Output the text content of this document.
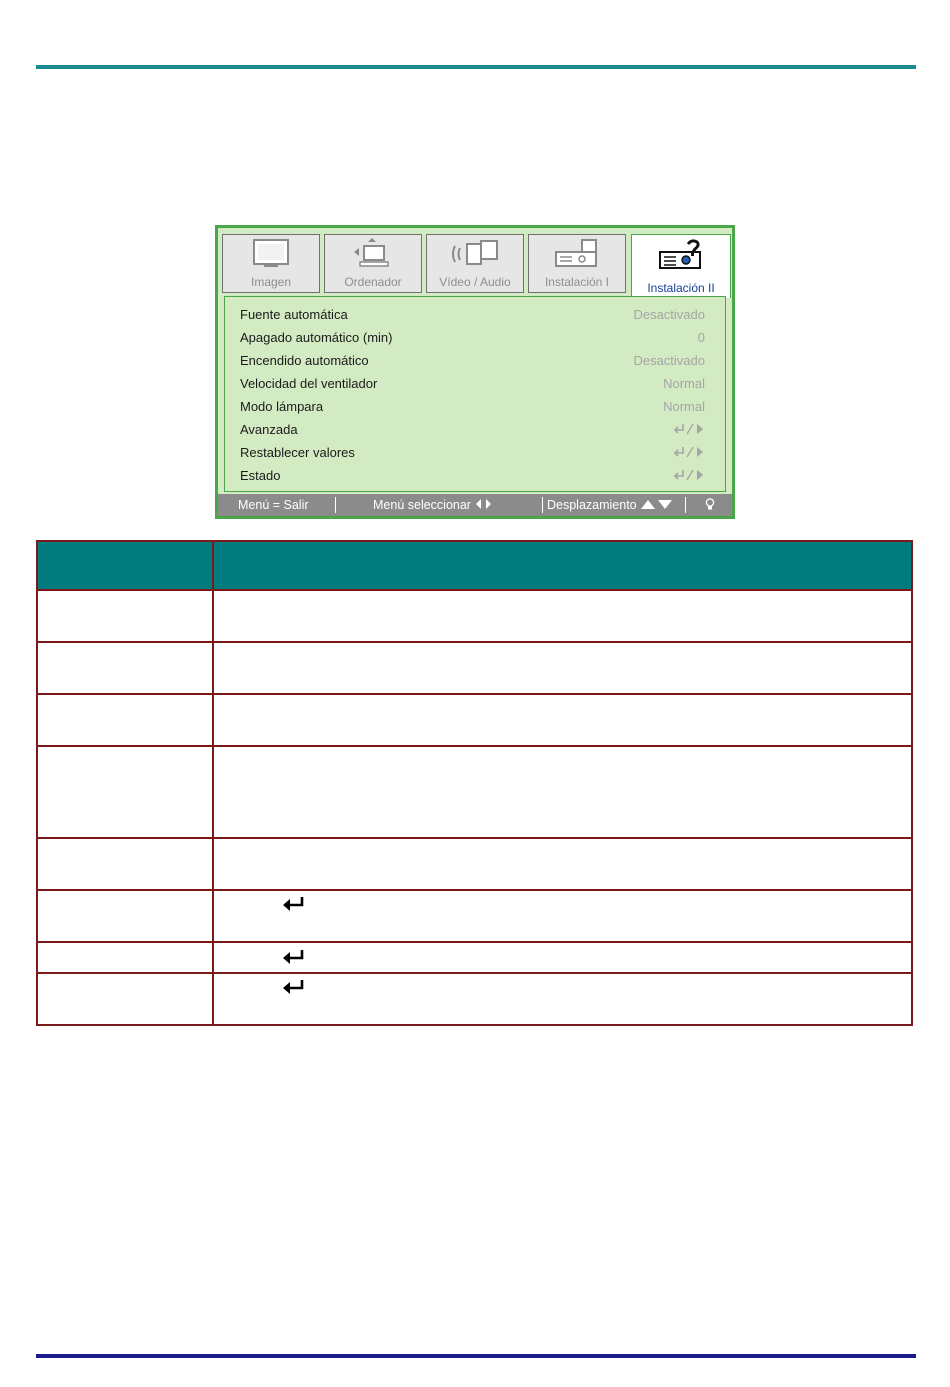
Imagen	Ordenador	Vídeo / Audio	Instalación I	Instalación II
Fuente automática	Desactivado
Apagado automático (min)	0
Encendido automático	Desactivado
Velocidad del ventilador	Normal
Modo lámpara	Normal
Avanzada
Restablecer valores
Estado
Menú = Salir	Menú seleccionar	Desplazamiento
